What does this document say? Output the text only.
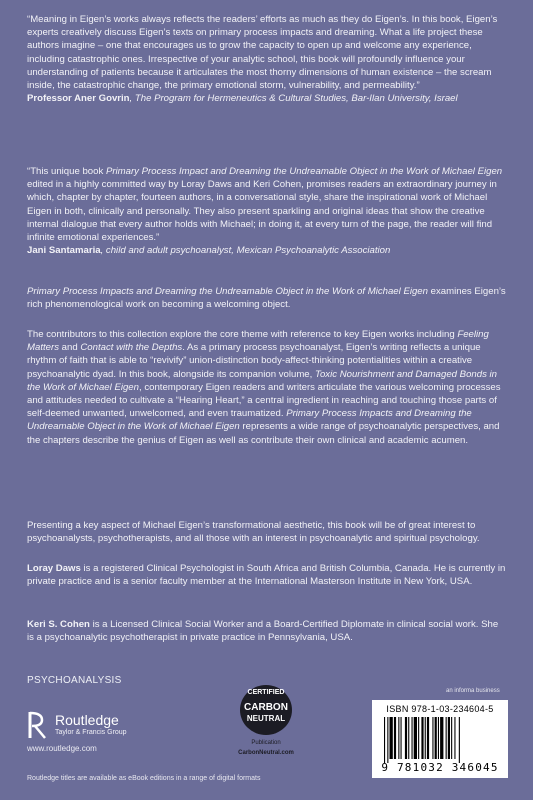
“Meaning in Eigen’s works always reflects the readers’ efforts as much as they do Eigen’s. In this book, Eigen’s experts creatively discuss Eigen’s texts on primary process impacts and dreaming. What a life project these authors imagine – one that encourages us to grow the capacity to open up and welcome any experience, including catastrophic ones. Irrespective of your analytic school, this book will profoundly influence your understanding of patients because it articulates the most thorny dimensions of human existence – the scream inside, the catastrophic change, the primary emotional storm, vulnerability, and permeability.”

Professor Aner Govrin, The Program for Hermeneutics & Cultural Studies, Bar-Ilan University, Israel

“This unique book Primary Process Impact and Dreaming the Undreamable Object in the Work of Michael Eigen edited in a highly committed way by Loray Daws and Keri Cohen, promises readers an extraordinary journey in which, chapter by chapter, fourteen authors, in a conversational style, share the inspirational work of Michael Eigen in both, clinically and personally. They also present sparkling and original ideas that show the creative internal dialogue that every author holds with Michael; in doing it, at every turn of the page, the reader will find infinite emotional experiences.”

Jani Santamaria, child and adult psychoanalyst, Mexican Psychoanalytic Association

Primary Process Impacts and Dreaming the Undreamable Object in the Work of Michael Eigen examines Eigen’s rich phenomenological work on becoming a welcoming object.

The contributors to this collection explore the core theme with reference to key Eigen works including Feeling Matters and Contact with the Depths. As a primary process psychoanalyst, Eigen’s writing reflects a unique rhythm of faith that is able to “revivify” union-distinction body-affect-thinking potentialities within a creative psychoanalytic dyad. In this book, alongside its companion volume, Toxic Nourishment and Damaged Bonds in the Work of Michael Eigen, contemporary Eigen readers and writers articulate the various welcoming processes and attitudes needed to cultivate a “Hearing Heart,” a central ingredient in reaching and touching those parts of self-deemed unwanted, unwelcomed, and even traumatized. Primary Process Impacts and Dreaming the Undreamable Object in the Work of Michael Eigen represents a wide range of psychoanalytic perspectives, and the chapters describe the genius of Eigen as well as contribute their own clinical and academic acumen.

Presenting a key aspect of Michael Eigen’s transformational aesthetic, this book will be of great interest to psychoanalysts, psychotherapists, and all those with an interest in psychoanalytic and spiritual psychology.

Loray Daws is a registered Clinical Psychologist in South Africa and British Columbia, Canada. He is currently in private practice and is a senior faculty member at the International Masterson Institute in New York, USA.

Keri S. Cohen is a Licensed Clinical Social Worker and a Board-Certified Diplomate in clinical social work. She is a psychoanalytic psychotherapist in private practice in Pennsylvania, USA.

PSYCHOANALYSIS
Routledge
Taylor & Francis Group
www.routledge.com
Routledge titles are available as eBook editions in a range of digital formats
CERTIFIED
CARBON
NEUTRAL
Publication
CarbonNeutral.com
an informa business
ISBN 978-1-03-234604-5
9 781032 346045
